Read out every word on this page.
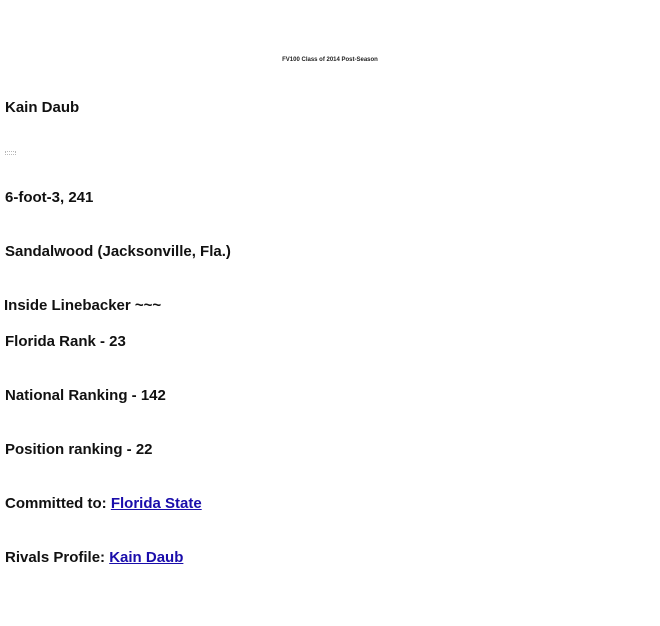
FV100 Class of 2014 Post-Season
Kain Daub
6-foot-3, 241
Sandalwood (Jacksonville, Fla.)
Inside Linebacker ~~~
Florida Rank - 23
National Ranking - 142
Position ranking - 22
Committed to: Florida State
Rivals Profile: Kain Daub
